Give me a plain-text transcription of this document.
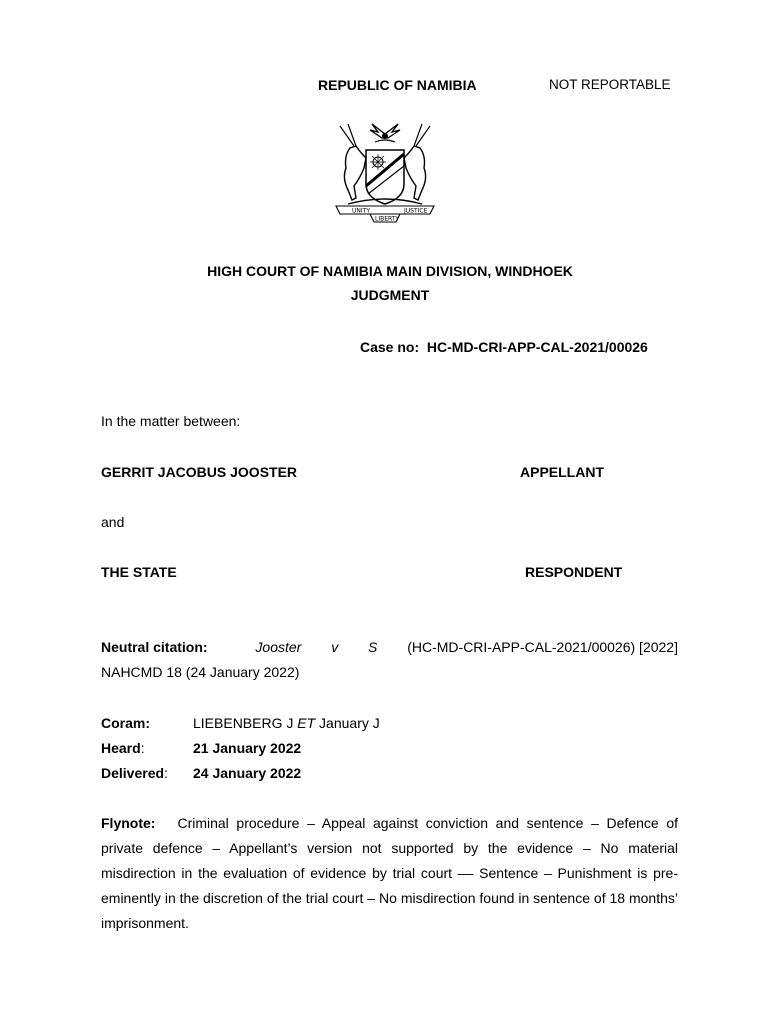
REPUBLIC OF NAMIBIA	NOT REPORTABLE
UNITY	JUSTICE
LIBERTY
HIGH COURT OF NAMIBIA MAIN DIVISION, WINDHOEK
JUDGMENT
Case no: HC-MD-CRI-APP-CAL-2021/00026
In the matter between:
GERRIT JACOBUS JOOSTER	APPELLANT
and
THE STATE	RESPONDENT
Neutral citation:	Jooster v S (HC-MD-CRI-APP-CAL-2021/00026) [2022]
NAHCMD 18 (24 January 2022)
Coram:	LIEBENBERG J ET January J
Heard:	21 January 2022
Delivered: 24 January 2022
Flynote: Criminal procedure – Appeal against conviction and sentence – Defence of private defence – Appellant’s version not supported by the evidence – No material misdirection in the evaluation of evidence by trial court –– Sentence – Punishment is pre-eminently in the discretion of the trial court – No misdirection found in sentence of 18 months’ imprisonment.
